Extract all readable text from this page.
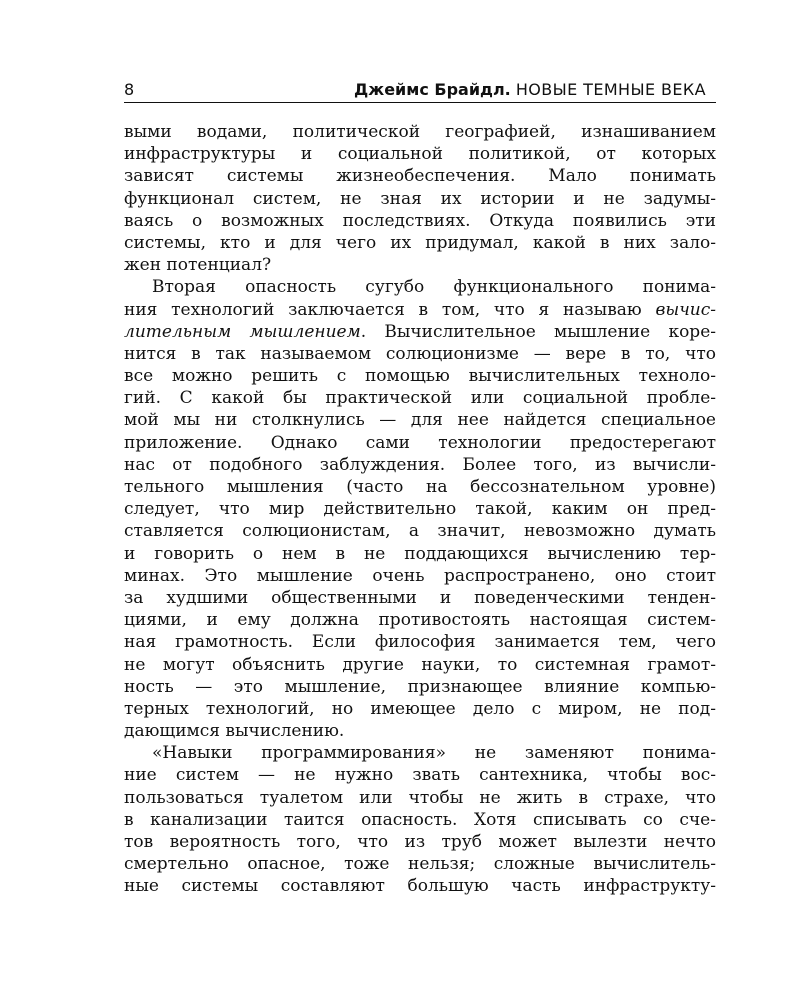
8	Джеймс Брайдл. НОВЫЕ ТЕМНЫЕ ВЕКА
выми водами, политической географией, изнашиванием
инфраструктуры и социальной политикой, от которых
зависят системы жизнеобеспечения. Мало понимать
функционал систем, не зная их истории и не задумы-
ваясь о возможных последствиях. Откуда появились эти
системы, кто и для чего их придумал, какой в них зало-
жен потенциал?
Вторая опасность сугубо функционального понима-
ния технологий заключается в том, что я называю вычис-
лительным мышлением. Вычислительное мышление коре-
нится в так называемом солюционизме — вере в то, что
все можно решить с помощью вычислительных техноло-
гий. С какой бы практической или социальной пробле-
мой мы ни столкнулись — для нее найдется специальное
приложение. Однако сами технологии предостерегают
нас от подобного заблуждения. Более того, из вычисли-
тельного мышления (часто на бессознательном уровне)
следует, что мир действительно такой, каким он пред-
ставляется солюционистам, а значит, невозможно думать
и говорить о нем в не поддающихся вычислению тер-
минах. Это мышление очень распространено, оно стоит
за худшими общественными и поведенческими тенден-
циями, и ему должна противостоять настоящая систем-
ная грамотность. Если философия занимается тем, чего
не могут объяснить другие науки, то системная грамот-
ность — это мышление, признающее влияние компью-
терных технологий, но имеющее дело с миром, не под-
дающимся вычислению.
«Навыки программирования» не заменяют понима-
ние систем — не нужно звать сантехника, чтобы вос-
пользоваться туалетом или чтобы не жить в страхе, что
в канализации таится опасность. Хотя списывать со сче-
тов вероятность того, что из труб может вылезти нечто
смертельно опасное, тоже нельзя; сложные вычислитель-
ные системы составляют большую часть инфраструкту-
